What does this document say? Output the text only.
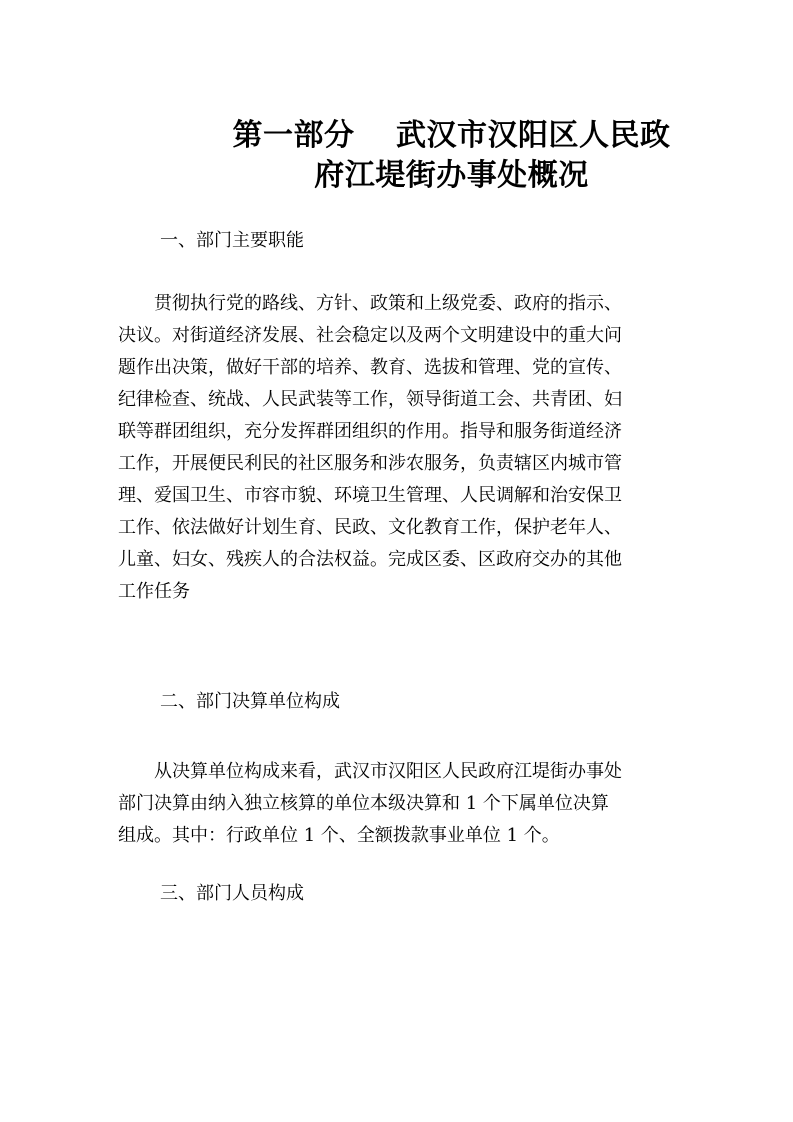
第一部分　 武汉市汉阳区人民政
府江堤街办事处概况
一、部门主要职能
　　贯彻执行党的路线、方针、政策和上级党委、政府的指示、
决议。对街道经济发展、社会稳定以及两个文明建设中的重大问
题作出决策，做好干部的培养、教育、选拔和管理、党的宣传、
纪律检查、统战、人民武装等工作，领导街道工会、共青团、妇
联等群团组织，充分发挥群团组织的作用。指导和服务街道经济
工作，开展便民利民的社区服务和涉农服务，负责辖区内城市管
理、爱国卫生、市容市貌、环境卫生管理、人民调解和治安保卫
工作、依法做好计划生育、民政、文化教育工作，保护老年人、
儿童、妇女、残疾人的合法权益。完成区委、区政府交办的其他
工作任务
二、部门决算单位构成
　　从决算单位构成来看，武汉市汉阳区人民政府江堤街办事处
部门决算由纳入独立核算的单位本级决算和 1 个下属单位决算
组成。其中：行政单位 1 个、全额拨款事业单位 1 个。
三、部门人员构成
